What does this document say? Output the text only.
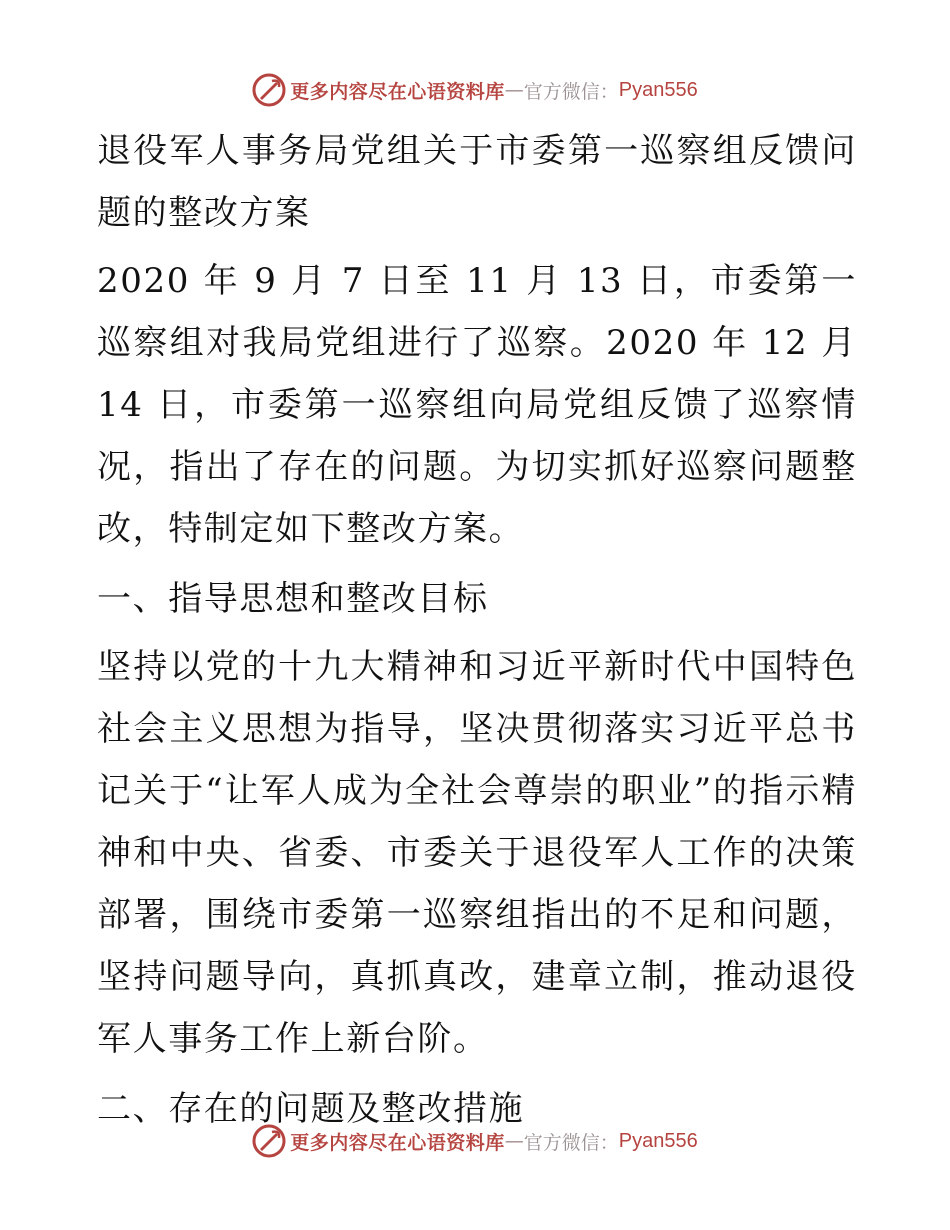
更多内容尽在心语资料库 — 官方微信： Pyan556

退役军人事务局党组关于市委第一巡察组反馈问题的整改方案

2020 年 9 月 7 日至 11 月 13 日，市委第一巡察组对我局党组进行了巡察。2020 年 12 月 14 日，市委第一巡察组向局党组反馈了巡察情况，指出了存在的问题。为切实抓好巡察问题整改，特制定如下整改方案。

一、指导思想和整改目标

坚持以党的十九大精神和习近平新时代中国特色社会主义思想为指导，坚决贯彻落实习近平总书记关于“让军人成为全社会尊崇的职业”的指示精神和中央、省委、市委关于退役军人工作的决策部署，围绕市委第一巡察组指出的不足和问题，坚持问题导向，真抓真改，建章立制，推动退役军人事务工作上新台阶。

二、存在的问题及整改措施

更多内容尽在心语资料库 — 官方微信： Pyan556
